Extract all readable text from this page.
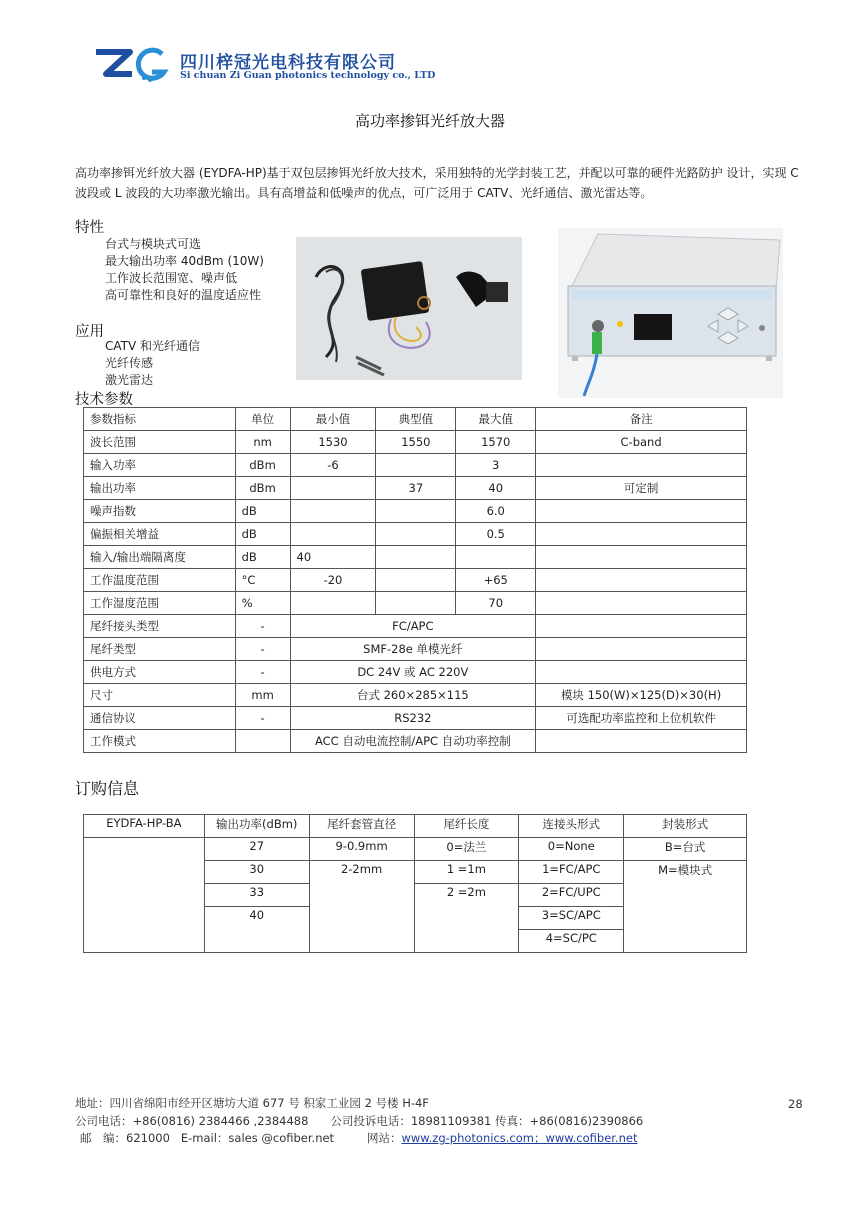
四川梓冠光电科技有限公司
Si chuan Zi Guan photonics technology co., LTD
高功率掺铒光纤放大器
高功率掺铒光纤放大器 (EYDFA-HP)基于双包层掺铒光纤放大技术，采用独特的光学封装工艺，并配以可靠的硬件光路防护 设计，实现 C 波段或 L 波段的大功率激光输出。具有高增益和低噪声的优点，可广泛用于 CATV、光纤通信、激光雷达等。
特性
台式与模块式可选
最大输出功率 40dBm (10W)
工作波长范围宽、噪声低
高可靠性和良好的温度适应性
应用
CATV 和光纤通信
光纤传感
激光雷达
技术参数
参数指标	单位	最小值	典型值	最大值	备注
波长范围	nm	1530	1550	1570	C-band
输入功率	dBm	-6		3	
输出功率	dBm		37	40	可定制
噪声指数	dB			6.0	
偏振相关增益	dB			0.5	
输入/输出端隔离度	dB	40			
工作温度范围	°C	-20		+65	
工作湿度范围	%			70	
尾纤接头类型	-	FC/APC			
尾纤类型	-	SMF-28e 单模光纤			
供电方式	-	DC 24V 或 AC 220V			
尺寸	mm	台式 260×285×115			模块 150(W)×125(D)×30(H)
通信协议	-	RS232			可选配功率监控和上位机软件
工作模式		ACC 自动电流控制/APC 自动功率控制			
订购信息
EYDFA-HP-BA	输出功率(dBm)	尾纤套管直径	尾纤长度	连接头形式	封装形式
	27	9-0.9mm	0=法兰	0=None	B=台式
	30	2-2mm	1 =1m	1=FC/APC	M=模块式
	33		2 =2m	2=FC/UPC	
	40			3=SC/APC	
				4=SC/PC	
地址：四川省绵阳市经开区塘坊大道 677 号 积家工业园 2 号楼 H-4F
公司电话：+86(0816) 2384466 ,2384488 公司投诉电话：18981109381 传真：+86(0816)2390866
邮　编：621000 E-mail：sales @cofiber.net	网站：www.zg-photonics.com；www.cofiber.net
28
